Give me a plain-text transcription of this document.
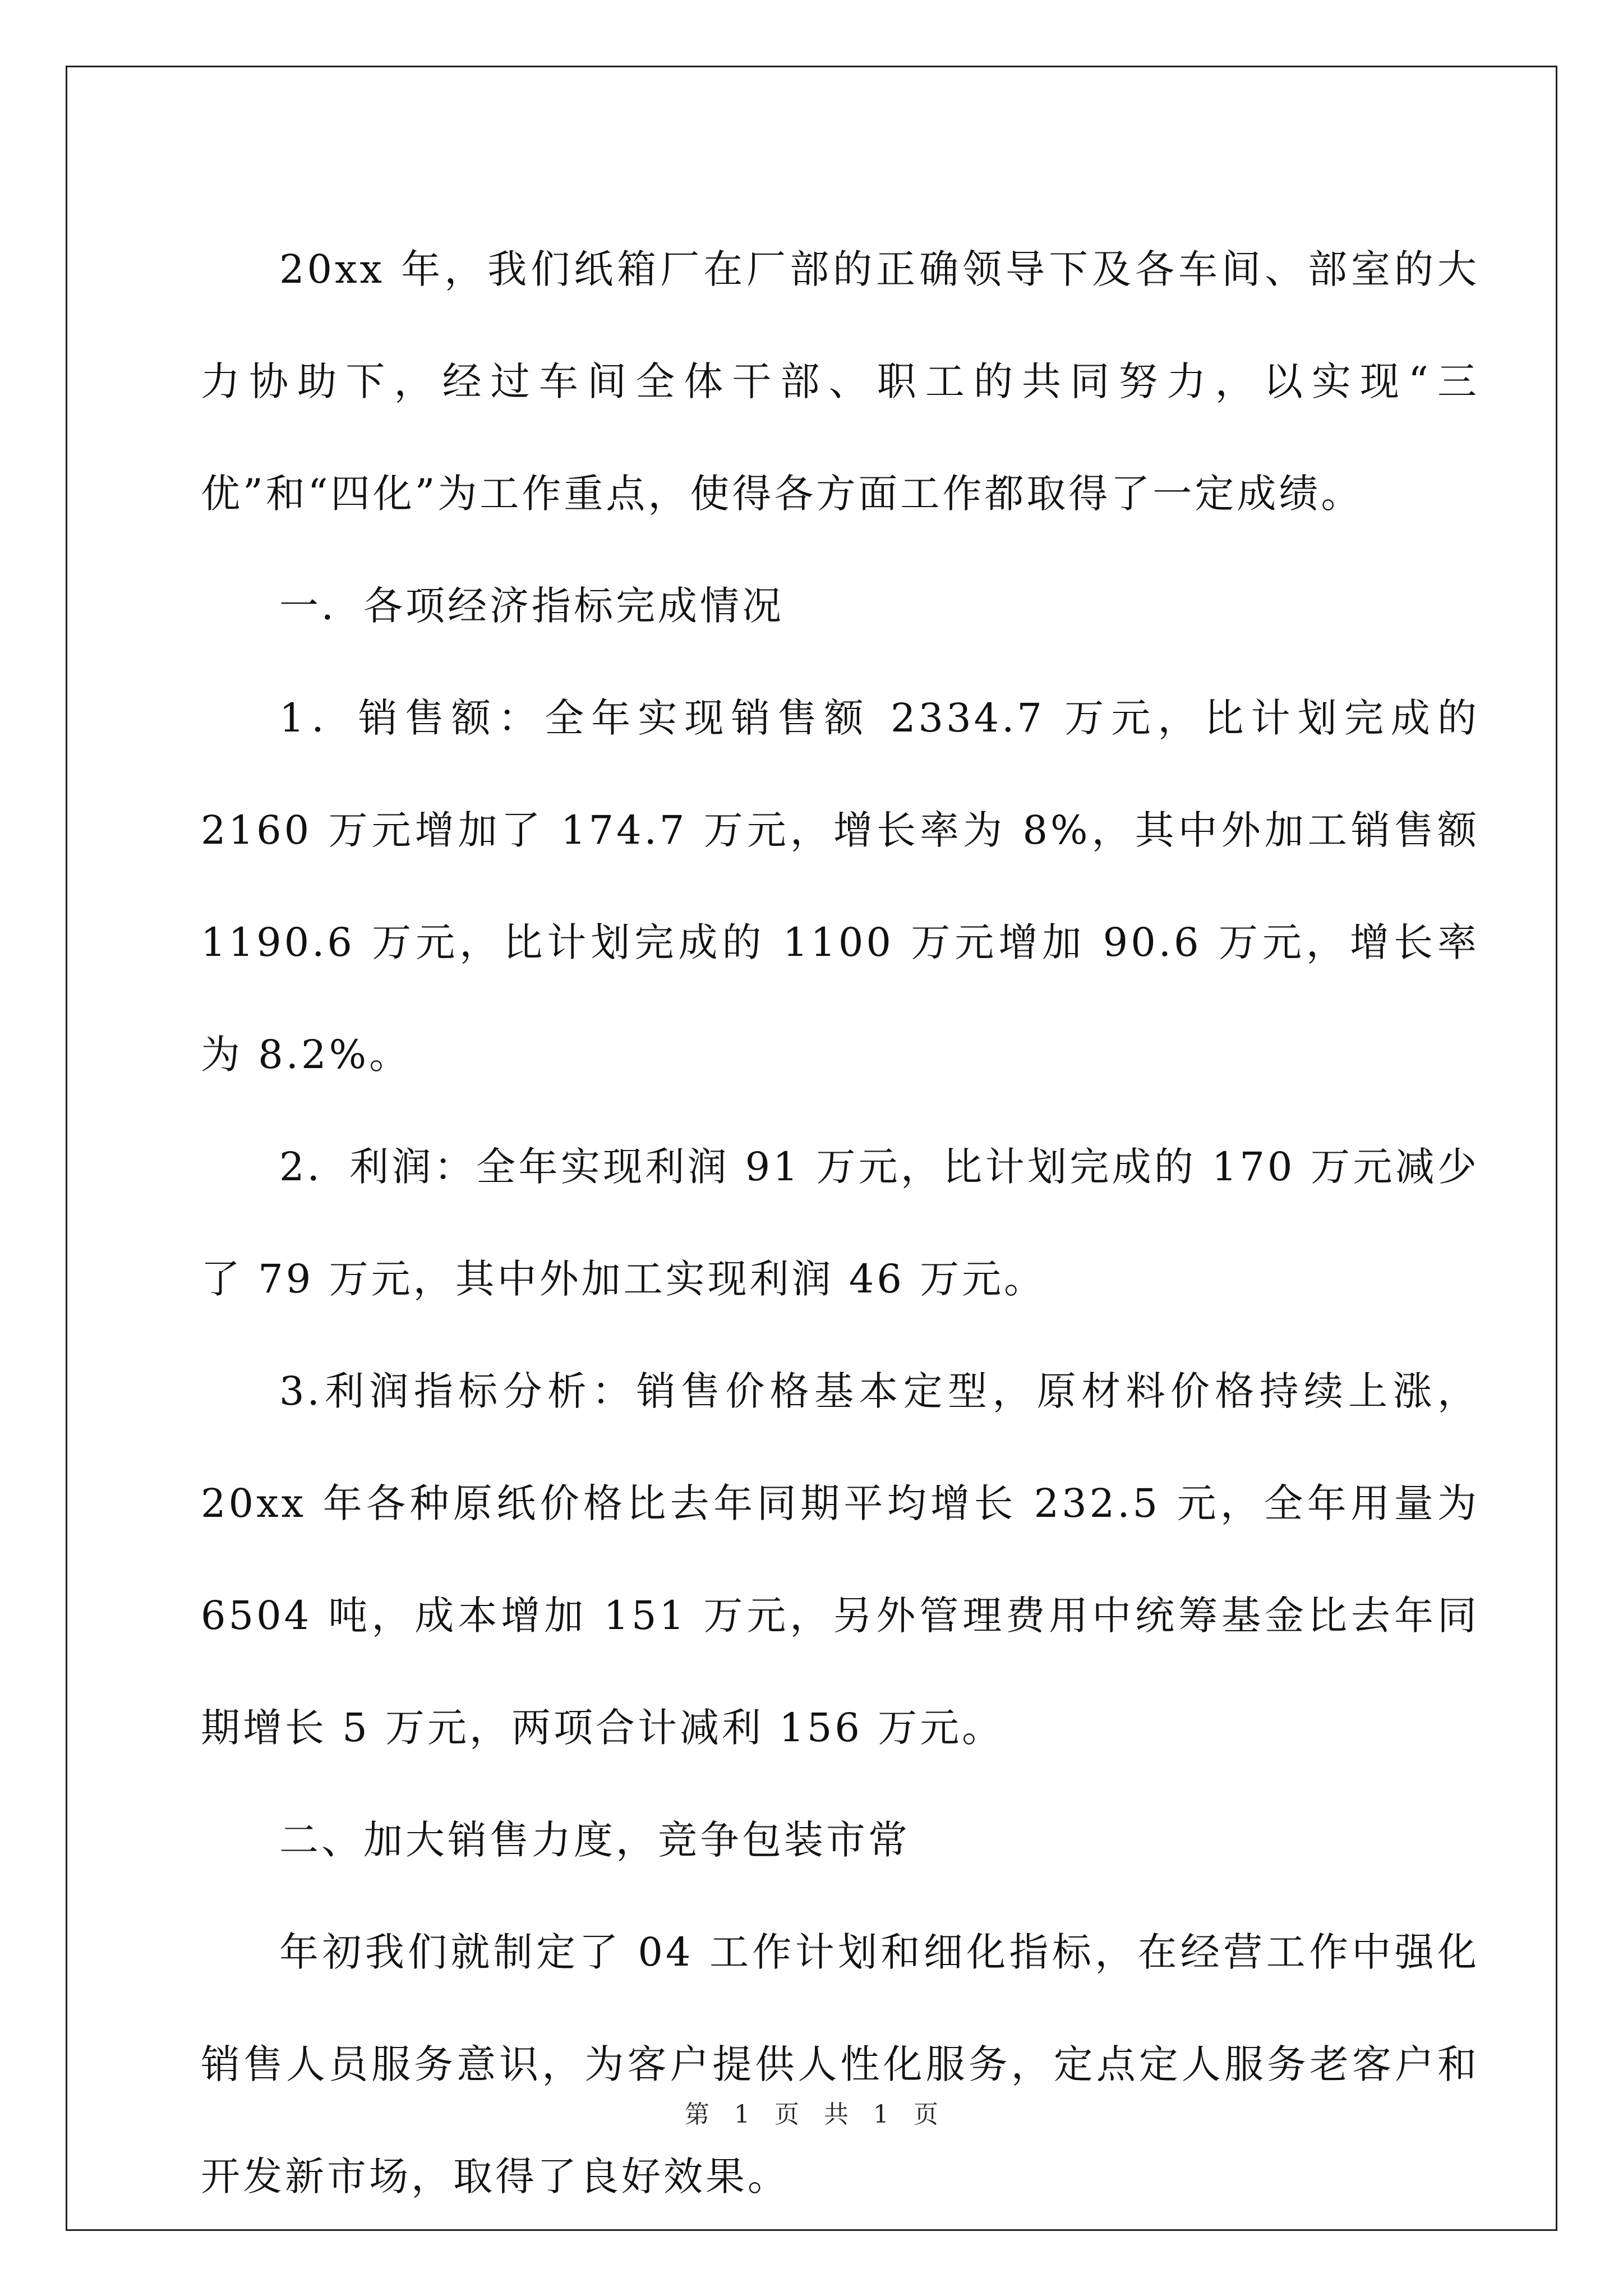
20xx 年，我们纸箱厂在厂部的正确领导下及各车间、部室的大力协助下，经过车间全体干部、职工的共同努力，以实现“三优”和“四化”为工作重点，使得各方面工作都取得了一定成绩。

一．各项经济指标完成情况

1．销售额：全年实现销售额 2334.7 万元，比计划完成的 2160 万元增加了 174.7 万元，增长率为 8%，其中外加工销售额 1190.6 万元，比计划完成的 1100 万元增加 90.6 万元，增长率为 8.2%。

2．利润：全年实现利润 91 万元，比计划完成的 170 万元减少了 79 万元，其中外加工实现利润 46 万元。

3.利润指标分析：销售价格基本定型，原材料价格持续上涨，20xx 年各种原纸价格比去年同期平均增长 232.5 元，全年用量为 6504 吨，成本增加 151 万元，另外管理费用中统筹基金比去年同期增长 5 万元，两项合计减利 156 万元。

二、加大销售力度，竞争包装市常

年初我们就制定了 04 工作计划和细化指标，在经营工作中强化销售人员服务意识，为客户提供人性化服务，定点定人服务老客户和开发新市场，取得了良好效果。

第 1 页 共 1 页
